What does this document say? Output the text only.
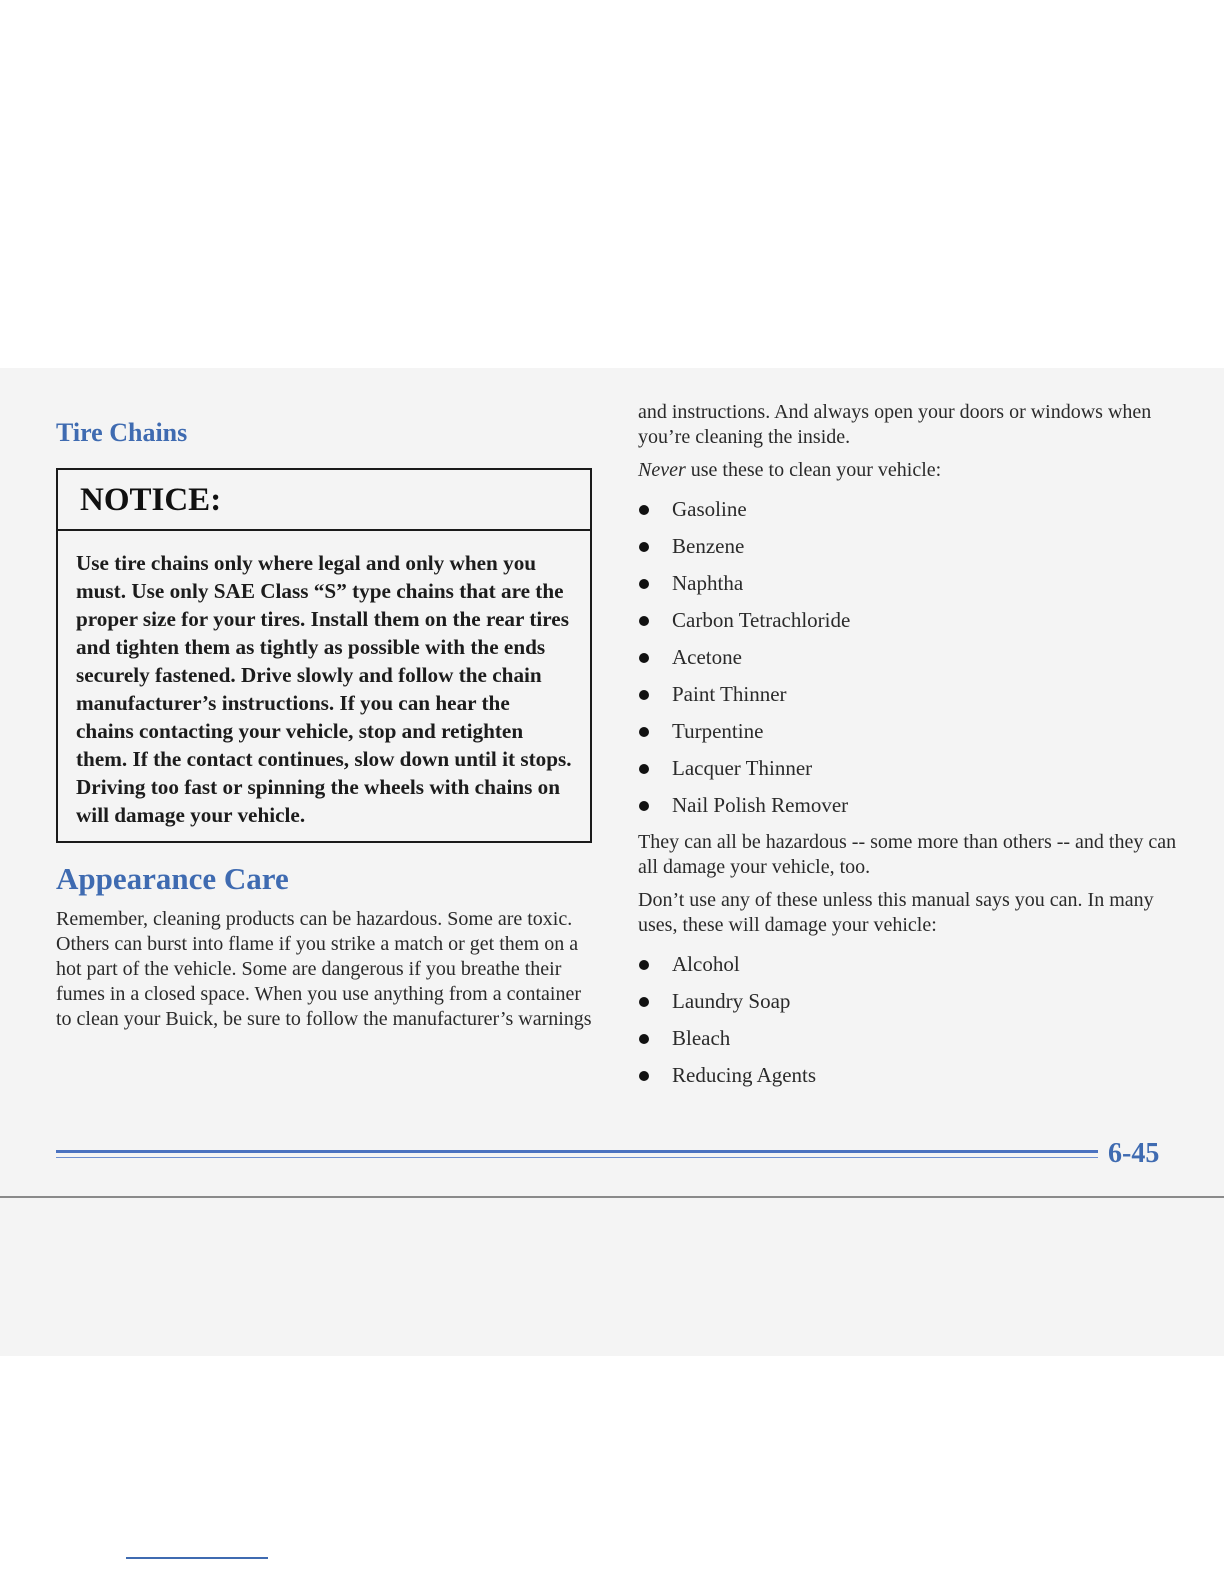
Tire Chains
NOTICE:
Use tire chains only where legal and only when you must. Use only SAE Class “S” type chains that are the proper size for your tires. Install them on the rear tires and tighten them as tightly as possible with the ends securely fastened. Drive slowly and follow the chain manufacturer’s instructions. If you can hear the chains contacting your vehicle, stop and retighten them. If the contact continues, slow down until it stops. Driving too fast or spinning the wheels with chains on will damage your vehicle.
Appearance Care

Remember, cleaning products can be hazardous. Some are toxic. Others can burst into flame if you strike a match or get them on a hot part of the vehicle. Some are dangerous if you breathe their fumes in a closed space. When you use anything from a container to clean your Buick, be sure to follow the manufacturer’s warnings

and instructions. And always open your doors or windows when you’re cleaning the inside.

Never use these to clean your vehicle:

Gasoline
Benzene
Naphtha
Carbon Tetrachloride
Acetone
Paint Thinner
Turpentine
Lacquer Thinner
Nail Polish Remover

They can all be hazardous -- some more than others -- and they can all damage your vehicle, too.

Don’t use any of these unless this manual says you can. In many uses, these will damage your vehicle:

Alcohol
Laundry Soap
Bleach
Reducing Agents
6-45
